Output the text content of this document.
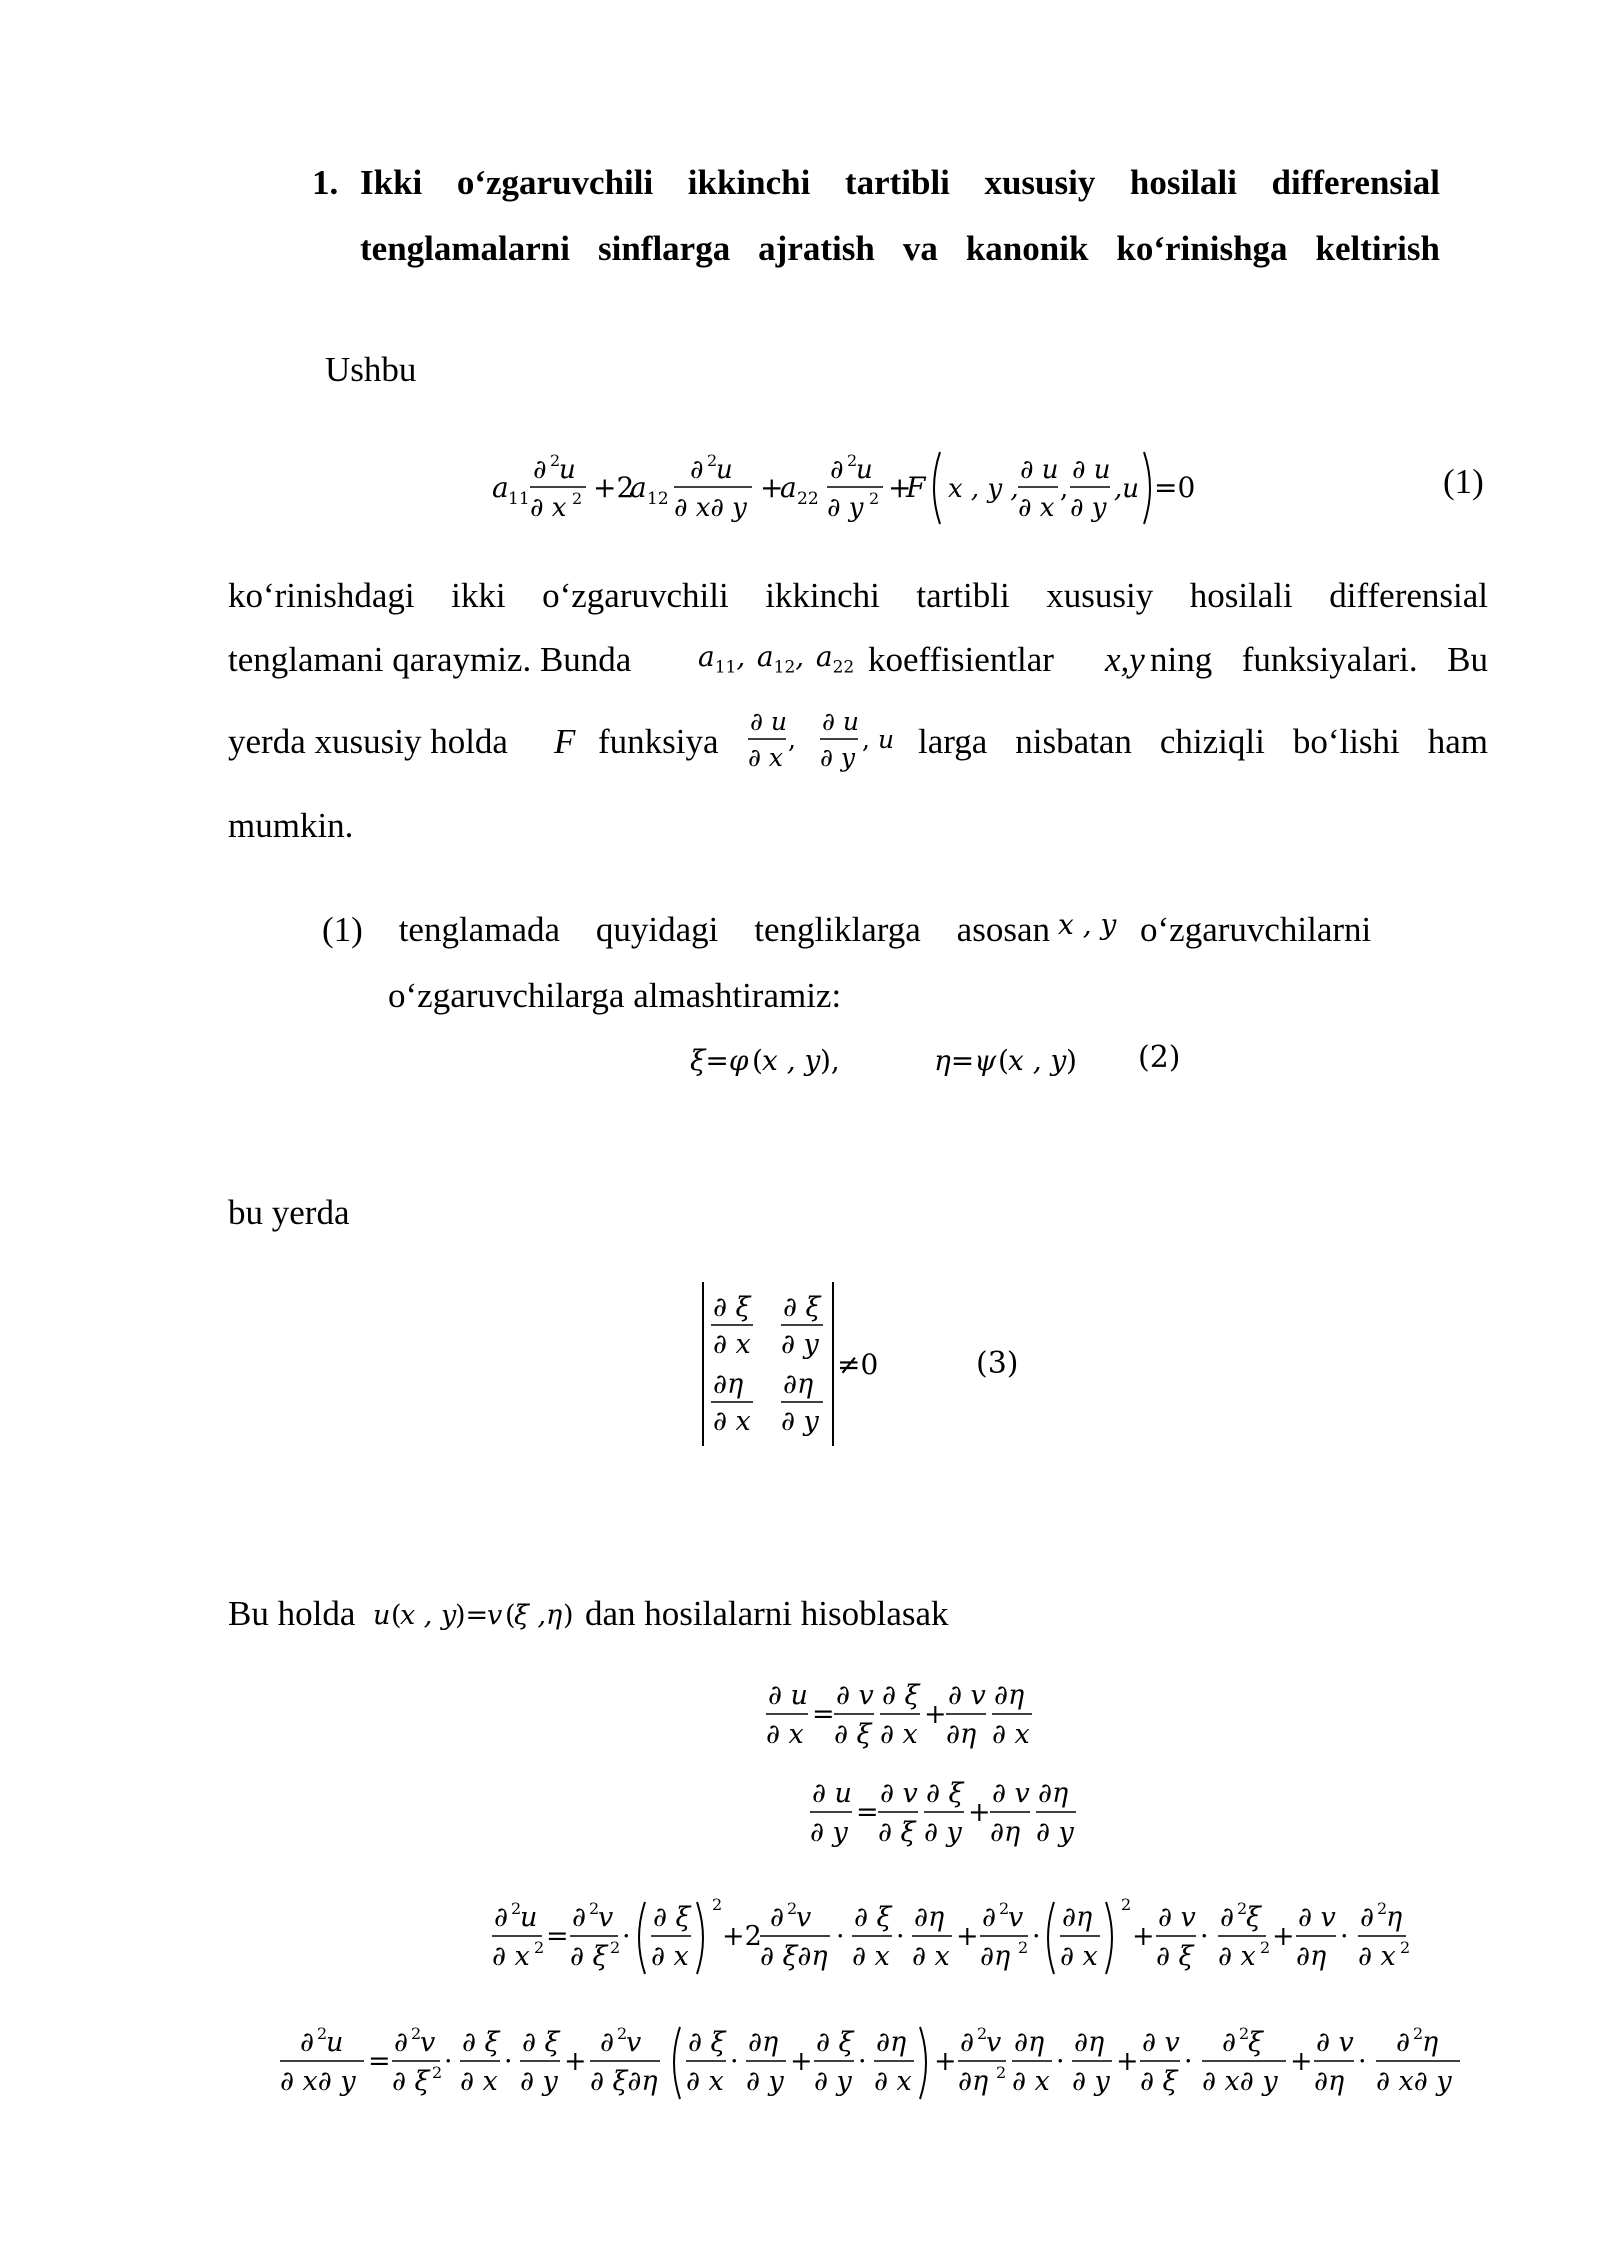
1. Ikki o‘zgaruvchili ikkinchi tartibli xususiy hosilali differensial
tenglamalarni sinflarga ajratish va kanonik ko‘rinishga keltirish
Ushbu
a 11
∂ 2
u
∂ x 2 +2
a 12
∂ 2
u
∂ x∂ y
+
a 22
∂ 2
u
∂ y 2 +
F x , y ,
∂ u
∂ x
,
∂ u
∂ y
,u =0	(1)
ko‘rinishdagi ikki o‘zgaruvchili ikkinchi tartibli xususiy hosilali differensial
tenglamani qaraymiz. Bunda $a_{11}$,  $a_{12}$,  $a_{22}$ koeffisientlar x,y ning funksiyalari. Bu
yerda xususiy holda F funksiya
∂ u
∂ x
,
∂ u
∂ y
, u larga nisbatan chiziqli bo‘lishi ham
mumkin.
(1) tenglamada quyidagi tengliklarga asosan x , y o‘zgaruvchilarni
o‘zgaruvchilarga almashtiramiz:
ξ=φ ( x , y ),	η=ψ ( x , y ) (2)
bu yerda
∂ ξ
∂ x
∂ ξ
∂ y
∂η
∂ x
∂η
∂ y
≠0	(3)
Bu holda u (
x , y
)=
v (
ξ ,η ) dan hosilalarni hisoblasak
∂ u
∂ x
=
∂ v
∂ ξ
∂ ξ
∂ x
+
∂ v
∂η
∂η
∂ x
∂ u
∂ y
=
∂ v
∂ ξ
∂ ξ
∂ y
+
∂ v
∂η
∂η
∂ y
∂ 2
u
∂ x 2 =
∂ 2
v
∂ ξ 2 ·
∂ ξ
∂ x
2
+2
∂ 2
v
∂ ξ∂η
·
∂ ξ
∂ x
·
∂η
∂ x
+
∂ 2
v
∂η 2 ·
∂η
∂ x
2
+
∂ v
∂ ξ
·
∂ 2
ξ
∂ x 2 +
∂ v
∂η
·
∂ 2
η
∂ x 2
∂ 2
u
∂ x∂ y
=
∂ 2
v
∂ ξ 2 ·
∂ ξ
∂ x
·
∂ ξ
∂ y
+
∂ 2
v
∂ ξ∂η
∂ ξ
∂ x
·
∂η
∂ y
+
∂ ξ
∂ y
·
∂η
∂ x
+
∂ 2
v
∂η 2
∂η
∂ x
·
∂η
∂ y
+
∂ v
∂ ξ
·
∂ 2
ξ
∂ x∂ y
+
∂ v
∂η
·
∂ 2
η
∂ x∂ y
